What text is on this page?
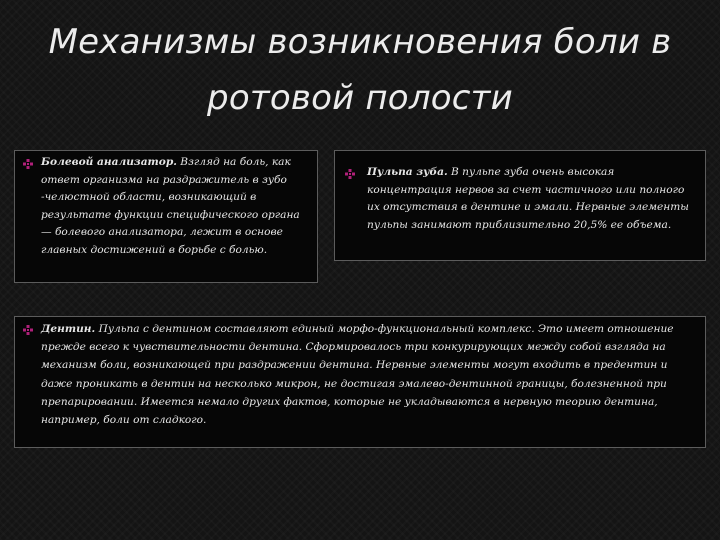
Механизмы возникновения боли в
ротовой полости
Болевой анализатор. Взгляд на боль, как ответ организма на раздражитель в зубо -челюстной области, возникающий в результате функции специфического органа — болевого анализатора, лежит в основе главных достижений в борьбе с болью.
Пульпа зуба. В пульпе зуба очень высокая концентрация нервов за счет частичного или полного их отсутствия в дентине и эмали. Нервные элементы пульпы занимают приблизительно 20,5% ее объема.
Дентин. Пульпа с дентином составляют единый морфо-функциональный комплекс. Это имеет отношение прежде всего к чувствительности дентина. Сформировалось три конкурирующих между собой взгляда на механизм боли, возникающей при раздражении дентина. Нервные элементы могут входить в предентин и даже проникать в дентин на несколько микрон, не достигая эмалево-дентинной границы, болезненной при препарировании. Имеется немало других фактов, которые не укладываются в нервную теорию дентина, например, боли от сладкого.
